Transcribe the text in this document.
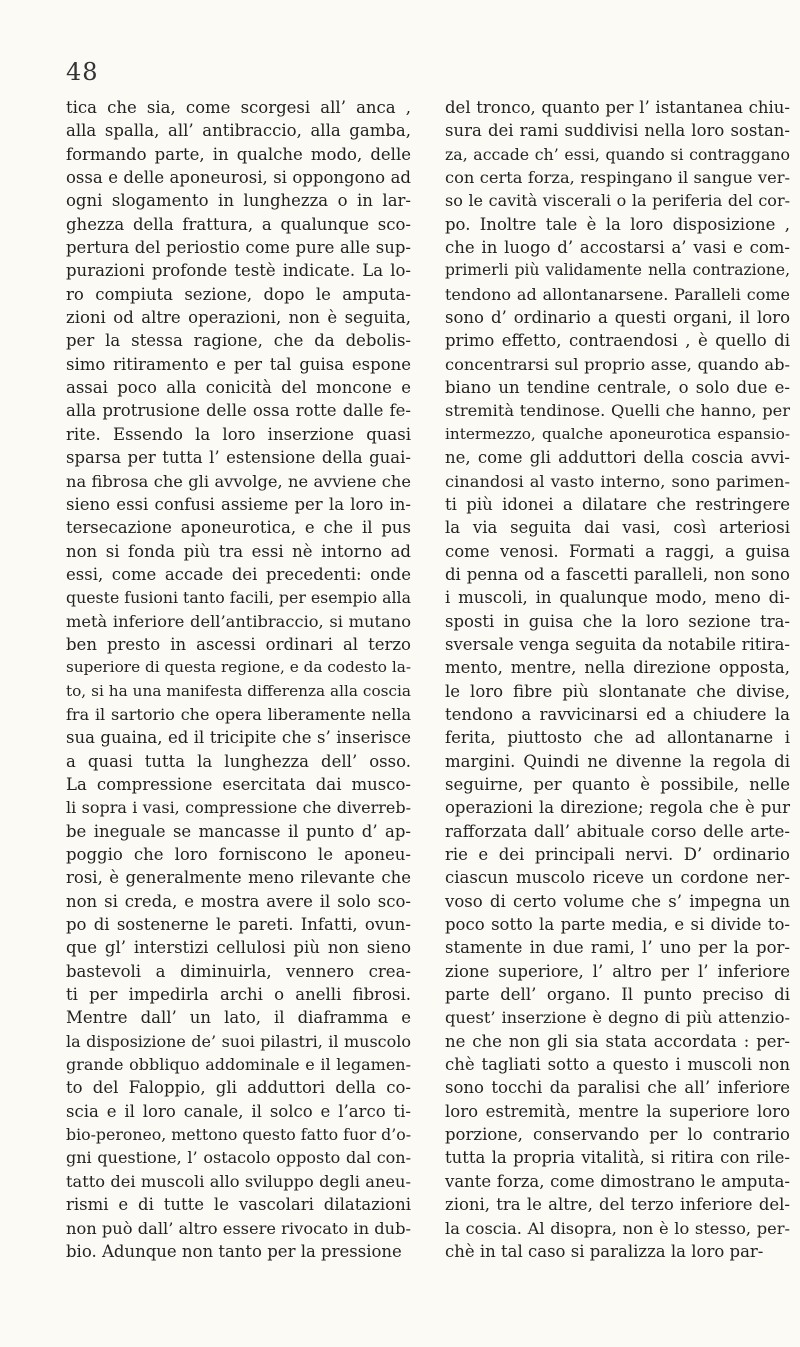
48
tica che sia, come scorgesi all’ anca ,
alla spalla, all’ antibraccio, alla gamba,
formando parte, in qualche modo, delle
ossa e delle aponeurosi, si oppongono ad
ogni slogamento in lunghezza o in lar-
ghezza della frattura, a qualunque sco-
pertura del periostio come pure alle sup-
purazioni profonde testè indicate. La lo-
ro compiuta sezione, dopo le amputa-
zioni od altre operazioni, non è seguita,
per la stessa ragione, che da debolis-
simo ritiramento e per tal guisa espone
assai poco alla conicità del moncone e
alla protrusione delle ossa rotte dalle fe-
rite. Essendo la loro inserzione quasi
sparsa per tutta l’ estensione della guai-
na fibrosa che gli avvolge, ne avviene che
sieno essi confusi assieme per la loro in-
tersecazione aponeurotica, e che il pus
non si fonda più tra essi nè intorno ad
essi, come accade dei precedenti: onde
queste fusioni tanto facili, per esempio alla
metà inferiore dell’antibraccio, si mutano
ben presto in ascessi ordinari al terzo
superiore di questa regione, e da codesto la-
to, si ha una manifesta differenza alla coscia
fra il sartorio che opera liberamente nella
sua guaina, ed il tricipite che s’ inserisce
a quasi tutta la lunghezza dell’ osso.
La compressione esercitata dai musco-
li sopra i vasi, compressione che diverreb-
be ineguale se mancasse il punto d’ ap-
poggio che loro forniscono le aponeu-
rosi, è generalmente meno rilevante che
non si creda, e mostra avere il solo sco-
po di sostenerne le pareti. Infatti, ovun-
que gl’ interstizi cellulosi più non sieno
bastevoli a diminuirla, vennero crea-
ti per impedirla archi o anelli fibrosi.
Mentre dall’ un lato, il diaframma e
la disposizione de’ suoi pilastri, il muscolo
grande obbliquo addominale e il legamen-
to del Faloppio, gli adduttori della co-
scia e il loro canale, il solco e l’arco ti-
bio-peroneo, mettono questo fatto fuor d’o-
gni questione, l’ ostacolo opposto dal con-
tatto dei muscoli allo sviluppo degli aneu-
rismi e di tutte le vascolari dilatazioni
non può dall’ altro essere rivocato in dub-
bio. Adunque non tanto per la pressione
del tronco, quanto per l’ istantanea chiu-
sura dei rami suddivisi nella loro sostan-
za, accade ch’ essi, quando si contraggano
con certa forza, respingano il sangue ver-
so le cavità viscerali o la periferia del cor-
po. Inoltre tale è la loro disposizione ,
che in luogo d’ accostarsi a’ vasi e com-
primerli più validamente nella contrazione,
tendono ad allontanarsene. Paralleli come
sono d’ ordinario a questi organi, il loro
primo effetto, contraendosi , è quello di
concentrarsi sul proprio asse, quando ab-
biano un tendine centrale, o solo due e-
stremità tendinose. Quelli che hanno, per
intermezzo, qualche aponeurotica espansio-
ne, come gli adduttori della coscia avvi-
cinandosi al vasto interno, sono parimen-
ti più idonei a dilatare che restringere
la via seguita dai vasi, così arteriosi
come venosi. Formati a raggi, a guisa
di penna od a fascetti paralleli, non sono
i muscoli, in qualunque modo, meno di-
sposti in guisa che la loro sezione tra-
sversale venga seguita da notabile ritira-
mento, mentre, nella direzione opposta,
le loro fibre più slontanate che divise,
tendono a ravvicinarsi ed a chiudere la
ferita, piuttosto che ad allontanarne i
margini. Quindi ne divenne la regola di
seguirne, per quanto è possibile, nelle
operazioni la direzione; regola che è pur
rafforzata dall’ abituale corso delle arte-
rie e dei principali nervi. D’ ordinario
ciascun muscolo riceve un cordone ner-
voso di certo volume che s’ impegna un
poco sotto la parte media, e si divide to-
stamente in due rami, l’ uno per la por-
zione superiore, l’ altro per l’ inferiore
parte dell’ organo. Il punto preciso di
quest’ inserzione è degno di più attenzio-
ne che non gli sia stata accordata : per-
chè tagliati sotto a questo i muscoli non
sono tocchi da paralisi che all’ inferiore
loro estremità, mentre la superiore loro
porzione, conservando per lo contrario
tutta la propria vitalità, si ritira con rile-
vante forza, come dimostrano le amputa-
zioni, tra le altre, del terzo inferiore del-
la coscia. Al disopra, non è lo stesso, per-
chè in tal caso si paralizza la loro par-
